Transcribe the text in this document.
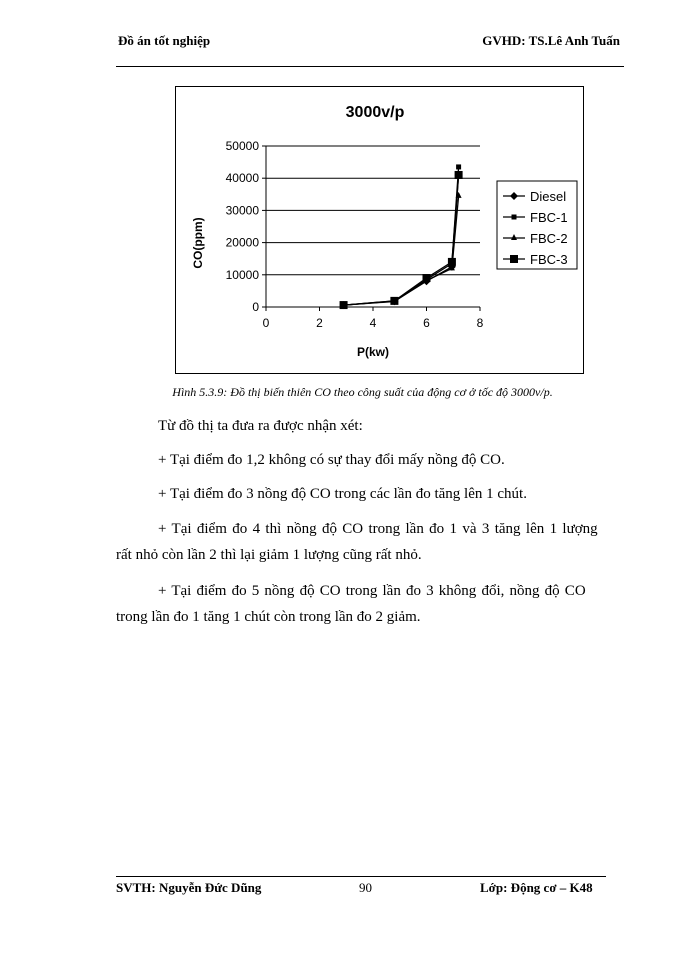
Đồ án tốt nghiệp	GVHD: TS.Lê Anh Tuấn
3000v/p
CO(ppm)
P(kw)
0
10000
20000
30000
40000
50000
0	2	4	6	8
Diesel
FBC-1
FBC-2
FBC-3
Hình 5.3.9: Đồ thị biến thiên CO theo công suất của động cơ ở tốc độ 3000v/p.
Từ đồ thị ta đưa ra được nhận xét:
+ Tại điểm đo 1,2 không có sự thay đổi mấy nồng độ CO.
+ Tại điểm đo 3 nồng độ CO trong các lần đo tăng lên 1 chút.
+ Tại điểm đo 4 thì nồng độ CO trong lần đo 1 và 3 tăng lên 1 lượng
rất nhỏ còn lần 2 thì lại giảm 1 lượng cũng rất nhỏ.
+ Tại điểm đo 5 nồng độ CO trong lần đo 3 không đổi, nồng độ CO
trong lần đo 1 tăng 1 chút còn trong lần đo 2 giảm.
SVTH: Nguyễn Đức Dũng	90	Lớp: Động cơ – K48
